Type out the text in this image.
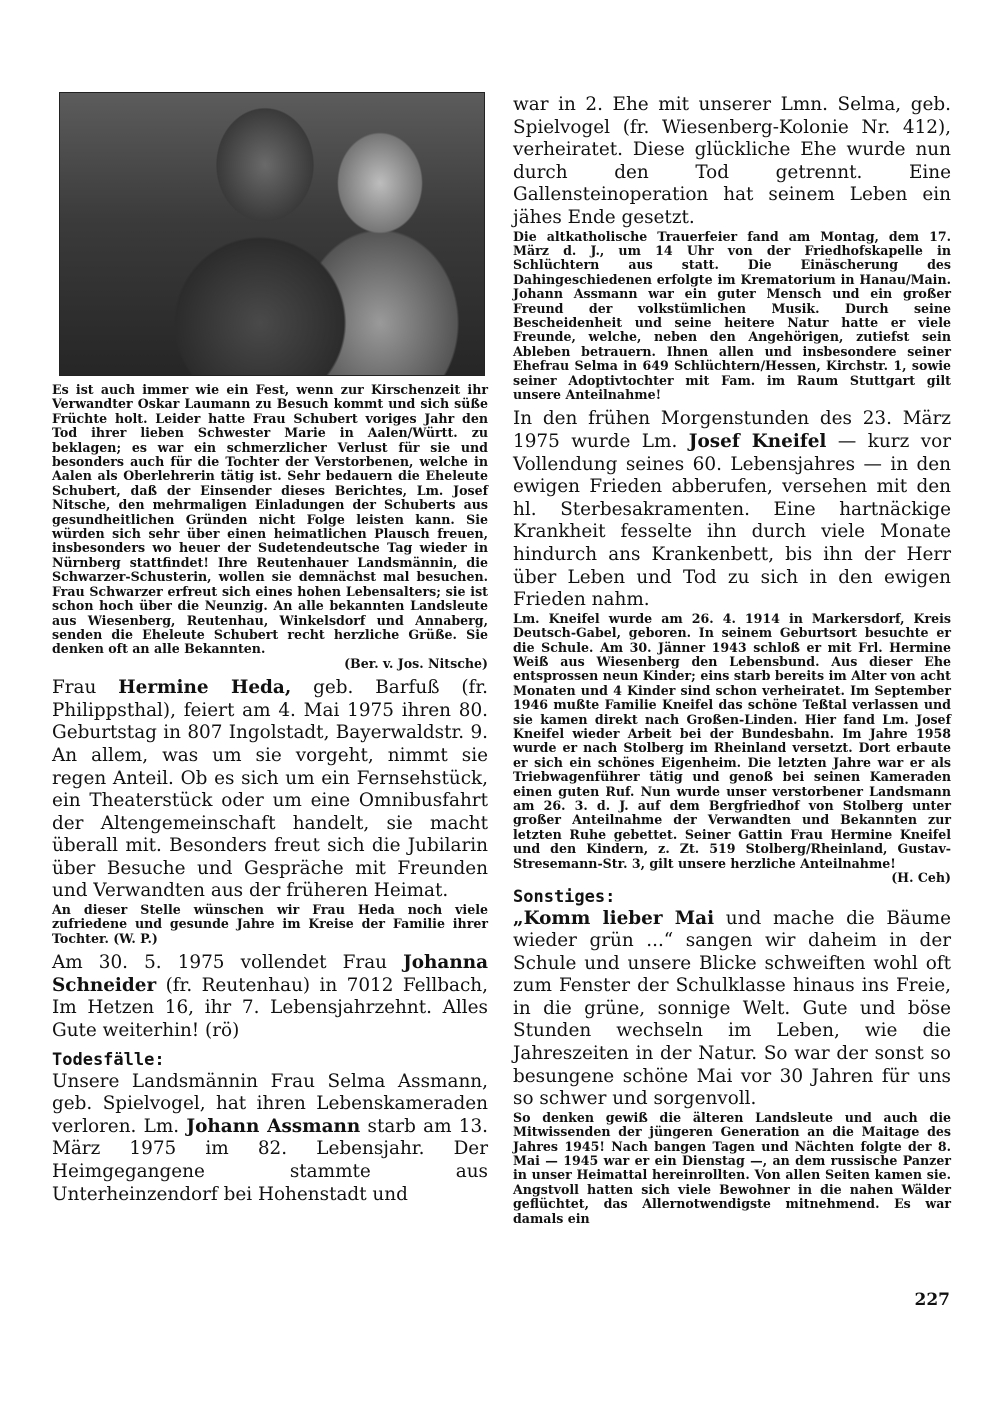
Es ist auch immer wie ein Fest, wenn zur Kirschenzeit ihr Verwandter Oskar Laumann zu Besuch kommt und sich süße Früchte holt. Leider hatte Frau Schubert voriges Jahr den Tod ihrer lieben Schwester Marie in Aalen/Württ. zu beklagen; es war ein schmerzlicher Verlust für sie und besonders auch für die Tochter der Verstorbenen, welche in Aalen als Oberlehrerin tätig ist. Sehr bedauern die Eheleute Schubert, daß der Einsender dieses Berichtes, Lm. Josef Nitsche, den mehrmaligen Einladungen der Schuberts aus gesundheitlichen Gründen nicht Folge leisten kann. Sie würden sich sehr über einen heimatlichen Plausch freuen, insbesonders wo heuer der Sudetendeutsche Tag wieder in Nürnberg stattfindet! Ihre Reutenhauer Landsmännin, die Schwarzer-Schusterin, wollen sie demnächst mal besuchen. Frau Schwarzer erfreut sich eines hohen Lebensalters; sie ist schon hoch über die Neunzig. An alle bekannten Landsleute aus Wiesenberg, Reutenhau, Winkelsdorf und Annaberg, senden die Eheleute Schubert recht herzliche Grüße. Sie denken oft an alle Bekannten.

(Ber. v. Jos. Nitsche)

Frau Hermine Heda, geb. Barfuß (fr. Philippsthal), feiert am 4. Mai 1975 ihren 80. Geburtstag in 807 Ingolstadt, Bayerwaldstr. 9. An allem, was um sie vorgeht, nimmt sie regen Anteil. Ob es sich um ein Fernsehstück, ein Theaterstück oder um eine Omnibusfahrt der Altengemeinschaft handelt, sie macht überall mit. Besonders freut sich die Jubilarin über Besuche und Gespräche mit Freunden und Verwandten aus der früheren Heimat.

An dieser Stelle wünschen wir Frau Heda noch viele zufriedene und gesunde Jahre im Kreise der Familie ihrer Tochter. (W. P.)

Am 30. 5. 1975 vollendet Frau Johanna Schneider (fr. Reutenhau) in 7012 Fellbach, Im Hetzen 16, ihr 7. Lebensjahrzehnt. Alles Gute weiterhin! (rö)

Todesfälle:

Unsere Landsmännin Frau Selma Assmann, geb. Spielvogel, hat ihren Lebenskameraden verloren. Lm. Johann Assmann starb am 13. März 1975 im 82. Lebensjahr. Der Heimgegangene stammte aus Unterheinzendorf bei Hohenstadt und

war in 2. Ehe mit unserer Lmn. Selma, geb. Spielvogel (fr. Wiesenberg-Kolonie Nr. 412), verheiratet. Diese glückliche Ehe wurde nun durch den Tod getrennt. Eine Gallensteinoperation hat seinem Leben ein jähes Ende gesetzt.

Die altkatholische Trauerfeier fand am Montag, dem 17. März d. J., um 14 Uhr von der Friedhofskapelle in Schlüchtern aus statt. Die Einäscherung des Dahingeschiedenen erfolgte im Krematorium in Hanau/Main. Johann Assmann war ein guter Mensch und ein großer Freund der volkstümlichen Musik. Durch seine Bescheidenheit und seine heitere Natur hatte er viele Freunde, welche, neben den Angehörigen, zutiefst sein Ableben betrauern. Ihnen allen und insbesondere seiner Ehefrau Selma in 649 Schlüchtern/Hessen, Kirchstr. 1, sowie seiner Adoptivtochter mit Fam. im Raum Stuttgart gilt unsere Anteilnahme!

In den frühen Morgenstunden des 23. März 1975 wurde Lm. Josef Kneifel — kurz vor Vollendung seines 60. Lebensjahres — in den ewigen Frieden abberufen, versehen mit den hl. Sterbesakramenten. Eine hartnäckige Krankheit fesselte ihn durch viele Monate hindurch ans Krankenbett, bis ihn der Herr über Leben und Tod zu sich in den ewigen Frieden nahm.

Lm. Kneifel wurde am 26. 4. 1914 in Markersdorf, Kreis Deutsch-Gabel, geboren. In seinem Geburtsort besuchte er die Schule. Am 30. Jänner 1943 schloß er mit Frl. Hermine Weiß aus Wiesenberg den Lebensbund. Aus dieser Ehe entsprossen neun Kinder; eins starb bereits im Alter von acht Monaten und 4 Kinder sind schon verheiratet. Im September 1946 mußte Familie Kneifel das schöne Teßtal verlassen und sie kamen direkt nach Großen-Linden. Hier fand Lm. Josef Kneifel wieder Arbeit bei der Bundesbahn. Im Jahre 1958 wurde er nach Stolberg im Rheinland versetzt. Dort erbaute er sich ein schönes Eigenheim. Die letzten Jahre war er als Triebwagenführer tätig und genoß bei seinen Kameraden einen guten Ruf. Nun wurde unser verstorbener Landsmann am 26. 3. d. J. auf dem Bergfriedhof von Stolberg unter großer Anteilnahme der Verwandten und Bekannten zur letzten Ruhe gebettet. Seiner Gattin Frau Hermine Kneifel und den Kindern, z. Zt. 519 Stolberg/Rheinland, Gustav-Stresemann-Str. 3, gilt unsere herzliche Anteilnahme!

(H. Ceh)

Sonstiges:

„Komm lieber Mai und mache die Bäume wieder grün ...“ sangen wir daheim in der Schule und unsere Blicke schweiften wohl oft zum Fenster der Schulklasse hinaus ins Freie, in die grüne, sonnige Welt. Gute und böse Stunden wechseln im Leben, wie die Jahreszeiten in der Natur. So war der sonst so besungene schöne Mai vor 30 Jahren für uns so schwer und sorgenvoll.

So denken gewiß die älteren Landsleute und auch die Mitwissenden der jüngeren Generation an die Maitage des Jahres 1945! Nach bangen Tagen und Nächten folgte der 8. Mai — 1945 war er ein Dienstag —, an dem russische Panzer in unser Heimattal hereinrollten. Von allen Seiten kamen sie. Angstvoll hatten sich viele Bewohner in die nahen Wälder geflüchtet, das Allernotwendigste mitnehmend. Es war damals ein

227
